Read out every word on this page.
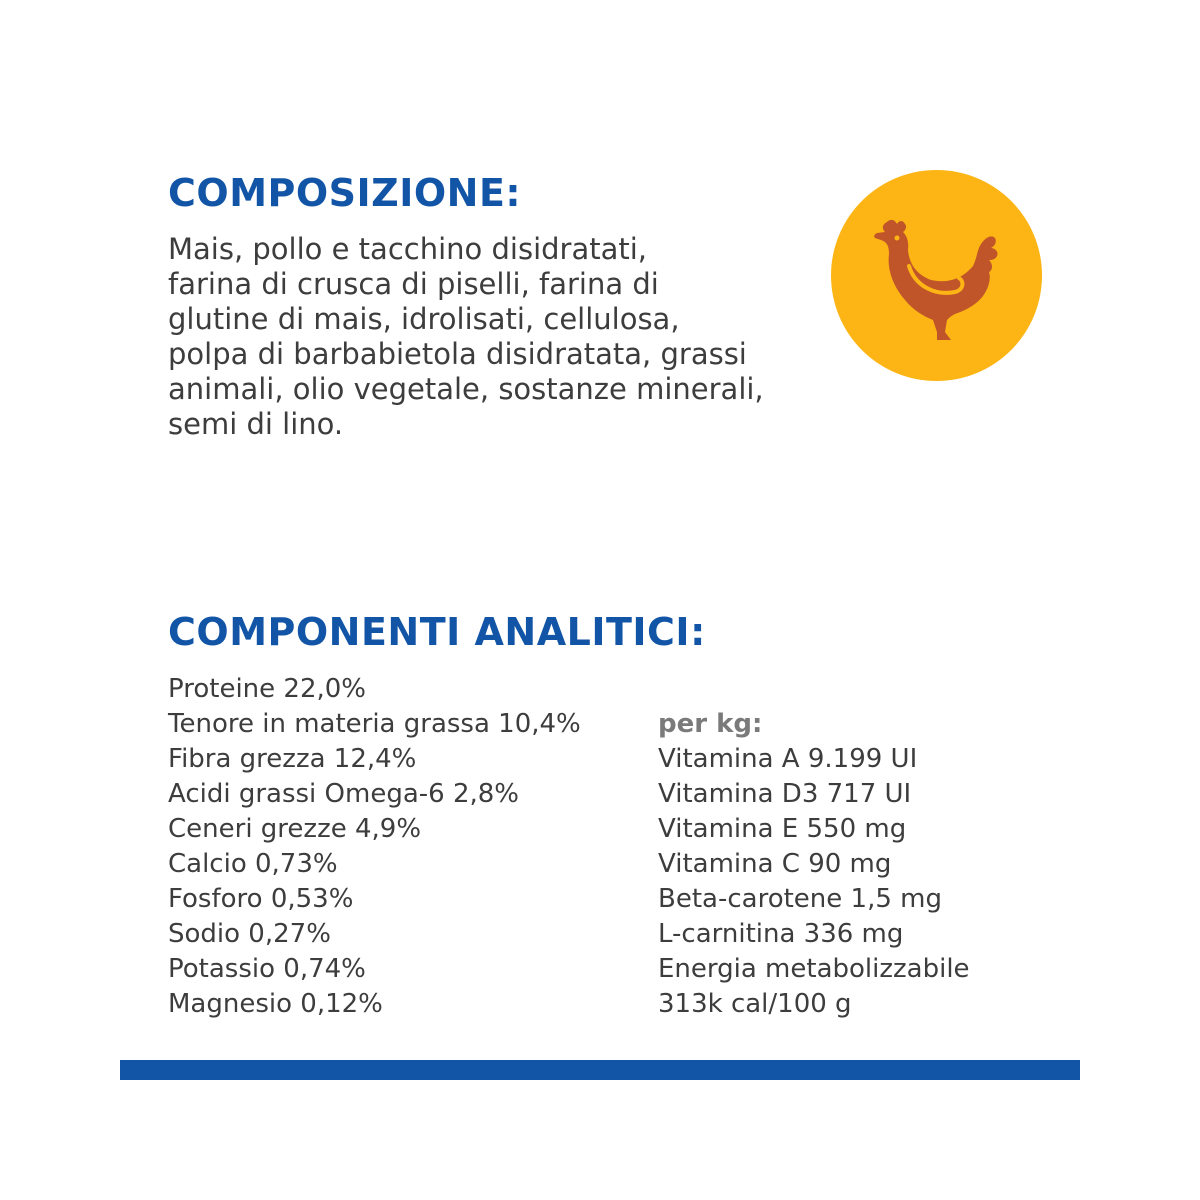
COMPOSIZIONE:

Mais, pollo e tacchino disidratati,
farina di crusca di piselli, farina di
glutine di mais, idrolisati, cellulosa,
polpa di barbabietola disidratata, grassi
animali, olio vegetale, sostanze minerali,
semi di lino.

COMPONENTI ANALITICI:
Proteine 22,0%
Tenore in materia grassa 10,4%
Fibra grezza 12,4%
Acidi grassi Omega-6 2,8%
Ceneri grezze 4,9%
Calcio 0,73%
Fosforo 0,53%
Sodio 0,27%
Potassio 0,74%
Magnesio 0,12%
per kg:
Vitamina A 9.199 UI
Vitamina D3 717 UI
Vitamina E 550 mg
Vitamina C 90 mg
Beta-carotene 1,5 mg
L-carnitina 336 mg
Energia metabolizzabile
313k cal/100 g
